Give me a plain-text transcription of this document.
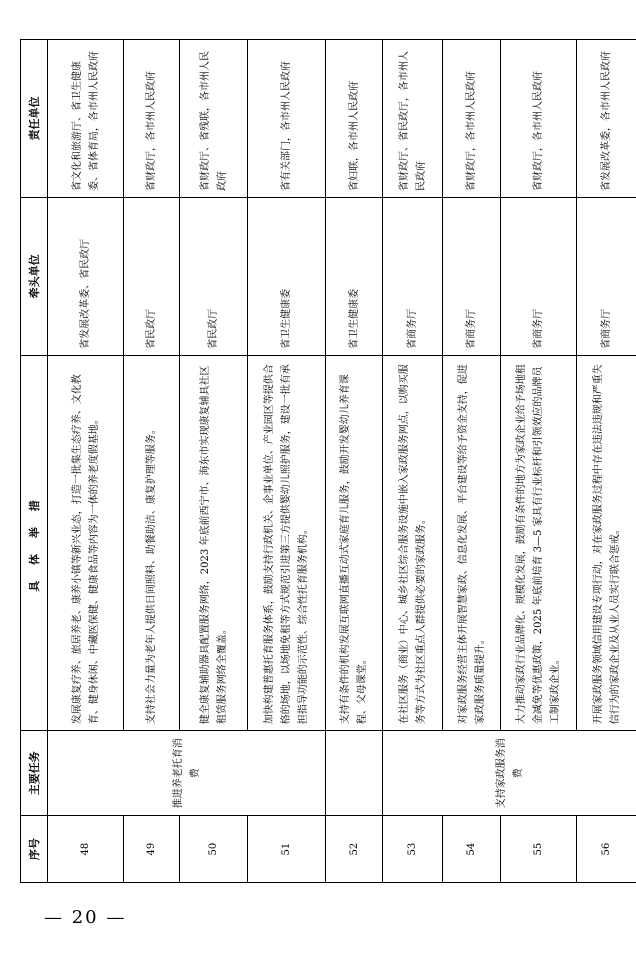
序号	主要任务	具 体 举 措	牵头单位	责任单位
48	推进养老托育消费	发展康复疗养、旅居养老、康养小镇等新兴业态，打造一批集生态疗养、文化教育、健身休闲、中藏医保健、健康食品等内容为一体的养老度假基地。	省发展改革委、省民政厅	省文化和旅游厅、省卫生健康委、省体育局，各市州人民政府
49		支持社会力量为老年人提供日间照料、助餐助洁、康复护理等服务。	省民政厅	省财政厅，各市州人民政府
50		健全康复辅助器具配置服务网络，2023 年底前西宁市、海东市实现康复辅具社区租赁服务网络全覆盖。	省民政厅	省财政厅、省残联，各市州人民政府
51		加快构建普惠托育服务体系，鼓励支持行政机关、企事业单位、产业园区等提供合格的场地，以场地免租等方式规范引进第三方提供婴幼儿照护服务，建设一批有承担指导功能的示范性、综合性托育服务机构。	省卫生健康委	省有关部门，各市州人民政府
52		支持有条件的机构发展互联网直播互动式家庭育儿服务，鼓励开发婴幼儿养育课程、父母课堂。	省卫生健康委	省妇联，各市州人民政府
53	支持家政服务消费	在社区服务（商业）中心、城乡社区综合服务设施中嵌入家政服务网点，以购买服务等方式为社区重点人群提供必要的家政服务。	省商务厅	省财政厅、省民政厅，各市州人民政府
54		对家政服务经营主体开展智慧家政、信息化发展、平台建设等给予资金支持，促进家政服务质量提升。	省商务厅	省财政厅，各市州人民政府
55		大力推动家政行业品牌化、规模化发展，鼓励有条件的地方为家政企业给予场地租金减免等优惠政策，2025 年底前培育 3—5 家具有行业标杆和引领效应的品牌员工制家政企业。	省商务厅	省财政厅，各市州人民政府
56		开展家政服务领域信用建设专项行动，对在家政服务过程中存在违法违规和严重失信行为的家政企业及从业人员实行联合惩戒。	省商务厅	省发展改革委，各市州人民政府
— 20 —
